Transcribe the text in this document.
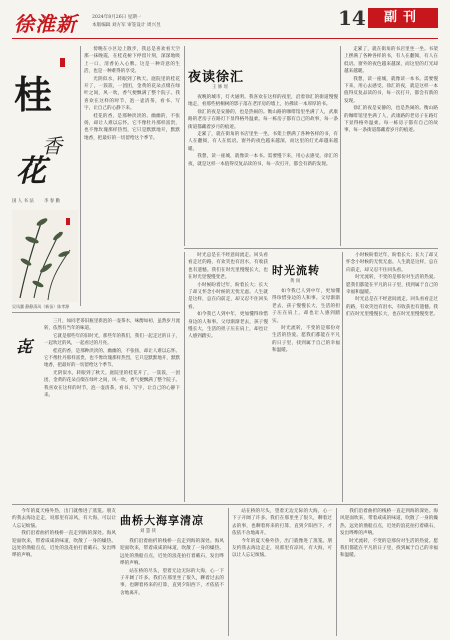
徐淮新	2024年8月26日 星期一
本版编辑 刘方军 审签设计 周兴昱	14	副刊
桂
香
花
国 人 书 法 李 春 勤
吴凤翼 静静清风（新苗）陈孝源

傍晚在小区边上散步，我总是喜欢看天空那一抹晚霞，在桂花树下停留片刻，深深地吸上一口，清香沁入心脾。这是一种诗意的生活，也是一种难得的享受。

光阴似水，转眼到了秋天。庭院里的桂花开了，一簇簇，一团团，金黄的花朵点缀在绿叶之间，风一吹，香气便飘满了整个院子。我喜欢在这样的时节，泡一壶清茶，看书、写字，让自己的心静下来。

桂花的香，是那种淡淡的、幽幽的，不张扬，却让人难以忘怀。它不像牡丹那样富贵，也不像玫瑰那样热烈，它只是默默地开，默默地香，把最好的一切留给这个季节。

夜读徐汇
王 修 瑶

夜晚的城市，灯火通明。我喜欢在这样的夜里，沿着徐汇的街道慢慢地走，看那些梧桐树的影子落在老洋房的墙上，仿佛读一本厚厚的书。

徐汇的夜是安静的，也是热闹的。衡山路的咖啡馆里坐满了人，武康路的老房子在路灯下显得格外温柔。每一栋房子都有自己的故事，每一条街道都藏着岁月的痕迹。

走累了，就在街角的书店里坐一坐。书架上摆满了各种各样的书，有人在翻阅，有人在低语。窗外的夜色越来越深，而这里的灯光却越来越暖。

我想，读一座城，就像读一本书。需要慢下来，用心去感受。徐汇的夜，就是这样一本值得反复品读的书，每一次打开，都会有新的发现。

走累了，就在街角的书店里坐一坐。书架上摆满了各种各样的书，有人在翻阅，有人在低语。窗外的夜色越来越深，而这里的灯光却越来越暖。

我想，读一座城，就像读一本书。需要慢下来，用心去感受。徐汇的夜，就是这样一本值得反复品读的书，每一次打开，都会有新的发现。

徐汇的夜是安静的，也是热闹的。衡山路的咖啡馆里坐满了人，武康路的老房子在路灯下显得格外温柔。每一栋房子都有自己的故事，每一条街道都藏着岁月的痕迹。

时光总是在不经意间流走。回头看看走过的路，有欢笑也有泪水，有收获也有遗憾。我们在时光里慢慢长大，也在时光里慢慢变老。

小时候盼着过年，盼着长大；长大了却又怀念小时候的无忧无虑。人生就是这样，总在向前走，却又忍不住回头看。

如今我已人到中年，更加懂得珍惜身边的人和事。父母渐渐老去，孩子慢慢长大，生活的担子压在肩上，却也让人感到踏实。

时光流转
黄 岗

如今我已人到中年，更加懂得珍惜身边的人和事。父母渐渐老去，孩子慢慢长大，生活的担子压在肩上，却也让人感到踏实。

时光流转，不变的是那份对生活的热爱。愿我们都能在平凡的日子里，找到属于自己的幸福和温暖。

小时候盼着过年，盼着长大；长大了却又怀念小时候的无忧无虑。人生就是这样，总在向前走，却又忍不住回头看。

时光流转，不变的是那份对生活的热爱。愿我们都能在平凡的日子里，找到属于自己的幸福和温暖。

时光总是在不经意间流走。回头看看走过的路，有欢笑也有泪水，有收获也有遗憾。我们在时光里慢慢长大，也在时光里慢慢变老。

㐂

三月，如同老茶旧瓶里新泡的一壶茶水，味醇如初，虽然岁月流转，依然有当年的味道。

它就是那些年的旧时光，那些年的我们，我们一起走过的日子，一起吹过的风，一起看过的月亮。

桂花的香，是那种淡淡的、幽幽的，不张扬，却让人难以忘怀。它不像牡丹那样富贵，也不像玫瑰那样热烈，它只是默默地开，默默地香，把最好的一切留给这个季节。

光阴似水，转眼到了秋天。庭院里的桂花开了，一簇簇，一团团，金黄的花朵点缀在绿叶之间，风一吹，香气便飘满了整个院子。我喜欢在这样的时节，泡一壶清茶，看书、写字，让自己的心静下来。

今年的夏天格外热，出门就像进了蒸笼。朋友约我去海边走走，说那里有凉风，有大海，可以让人忘记烦恼。

我们沿着曲折的栈桥一直走到海的深处。海风迎面吹来，带着咸咸的味道，吹散了一身的燥热。远处的渔船点点，近处的浪花拍打着礁石，发出哗哗的声响。

曲桥大海享清凉
刘 慧 侠

我们沿着曲折的栈桥一直走到海的深处。海风迎面吹来，带着咸咸的味道，吹散了一身的燥热。远处的渔船点点，近处的浪花拍打着礁石，发出哗哗的声响。

站在桥的尽头，望着无边无际的大海，心一下子开阔了许多。我们在那里坐了很久，聊着过去的事，也聊着将来的打算，直到夕阳西下，才依依不舍地离开。

站在桥的尽头，望着无边无际的大海，心一下子开阔了许多。我们在那里坐了很久，聊着过去的事，也聊着将来的打算，直到夕阳西下，才依依不舍地离开。

今年的夏天格外热，出门就像进了蒸笼。朋友约我去海边走走，说那里有凉风，有大海，可以让人忘记烦恼。

我们沿着曲折的栈桥一直走到海的深处。海风迎面吹来，带着咸咸的味道，吹散了一身的燥热。远处的渔船点点，近处的浪花拍打着礁石，发出哗哗的声响。

时光流转，不变的是那份对生活的热爱。愿我们都能在平凡的日子里，找到属于自己的幸福和温暖。
